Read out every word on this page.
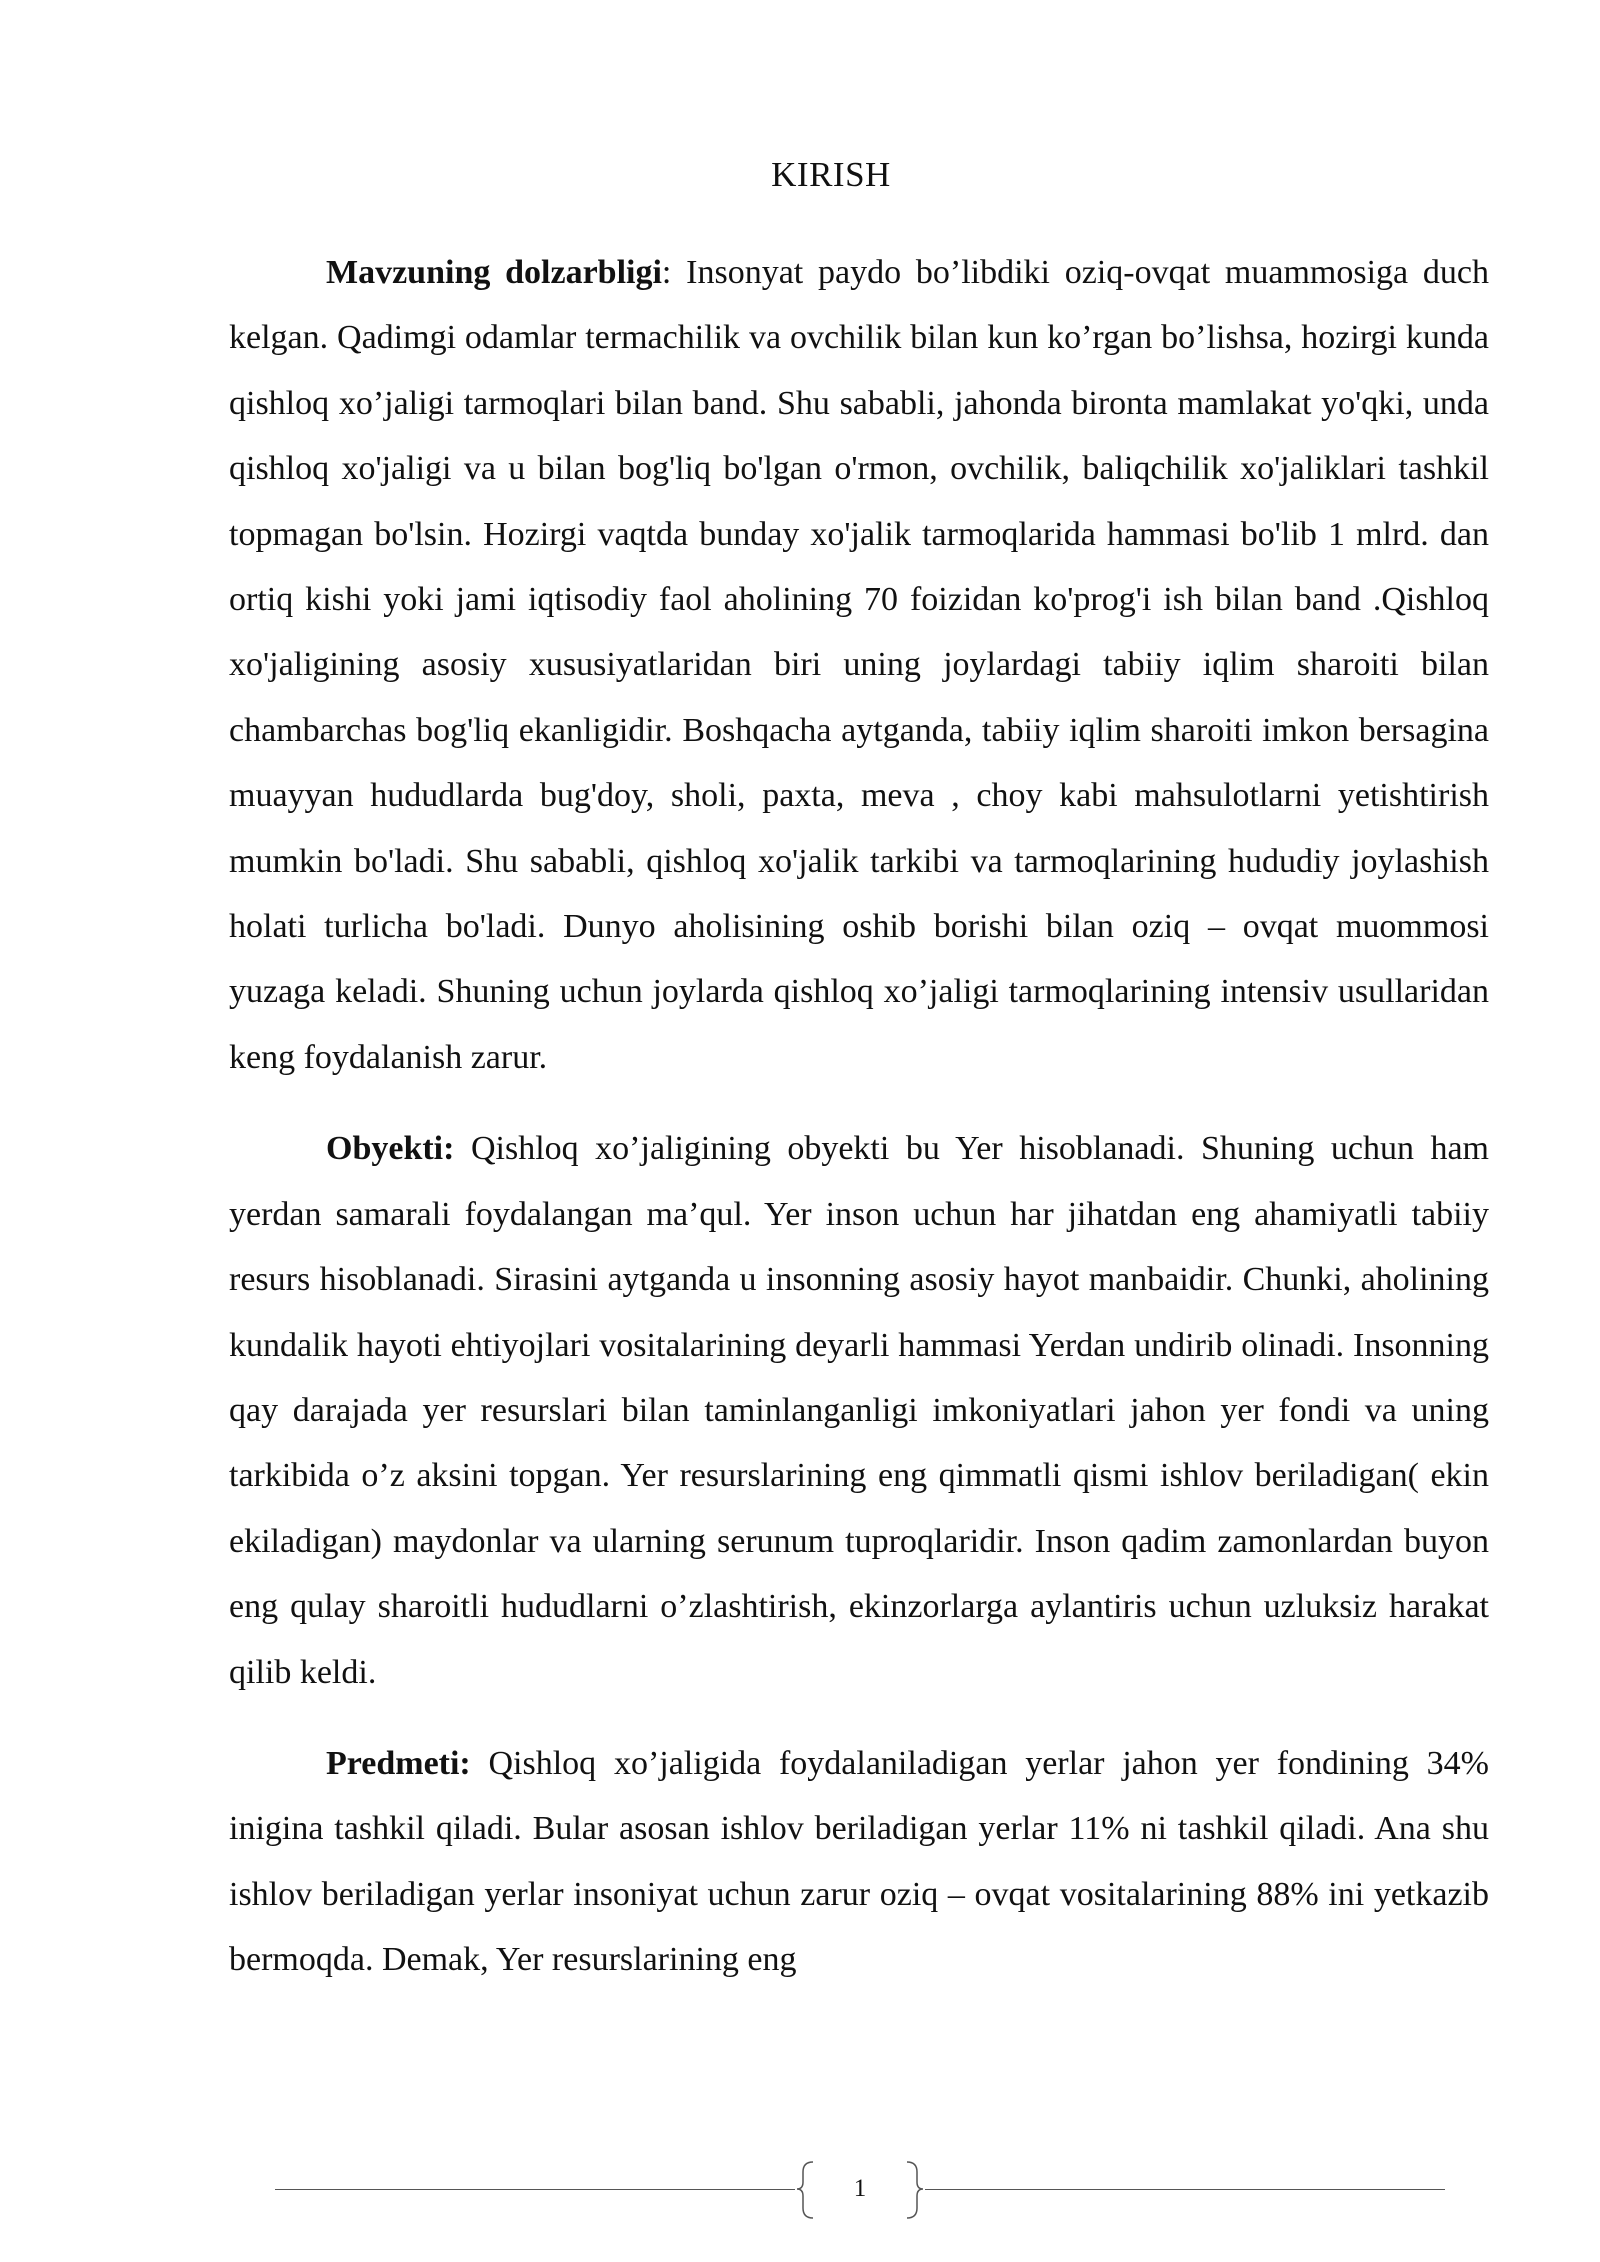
KIRISH

Mavzuning dolzarbligi: Insonyat paydo bo’libdiki oziq-ovqat muammosiga duch kelgan. Qadimgi odamlar termachilik va ovchilik bilan kun ko’rgan bo’lishsa, hozirgi kunda qishloq xo’jaligi tarmoqlari bilan band. Shu sababli, jahonda bironta mamlakat yo'qki, unda qishloq xo'jaligi va u bilan bog'liq bo'lgan o'rmon, ovchilik, baliqchilik xo'jaliklari tashkil topmagan bo'lsin. Hozirgi vaqtda bunday xo'jalik tarmoqlarida hammasi bo'lib 1 mlrd. dan ortiq kishi yoki jami iqtisodiy faol aholining 70 foizidan ko'prog'i ish bilan band .Qishloq xo'jaligining asosiy xususiyatlaridan biri uning joylardagi tabiiy iqlim sharoiti bilan chambarchas bog'liq ekanligidir. Boshqacha aytganda, tabiiy iqlim sharoiti imkon bersagina muayyan hududlarda bug'doy, sholi, paxta, meva , choy kabi mahsulotlarni yetishtirish mumkin bo'ladi. Shu sababli, qishloq xo'jalik tarkibi va tarmoqlarining hududiy joylashish holati turlicha bo'ladi. Dunyo aholisining oshib borishi bilan oziq – ovqat muommosi yuzaga keladi. Shuning uchun joylarda qishloq xo’jaligi tarmoqlarining intensiv usullaridan keng foydalanish zarur.

Obyekti: Qishloq xo’jaligining obyekti bu Yer hisoblanadi. Shuning uchun ham yerdan samarali foydalangan ma’qul. Yer inson uchun har jihatdan eng ahamiyatli tabiiy resurs hisoblanadi. Sirasini aytganda u insonning asosiy hayot manbaidir. Chunki, aholining kundalik hayoti ehtiyojlari vositalarining deyarli hammasi Yerdan undirib olinadi. Insonning qay darajada yer resurslari bilan taminlanganligi imkoniyatlari jahon yer fondi va uning tarkibida o’z aksini topgan. Yer resurslarining eng qimmatli qismi ishlov beriladigan( ekin ekiladigan) maydonlar va ularning serunum tuproqlaridir. Inson qadim zamonlardan buyon eng qulay sharoitli hududlarni o’zlashtirish, ekinzorlarga aylantiris uchun uzluksiz harakat qilib keldi.

Predmeti: Qishloq xo’jaligida foydalaniladigan yerlar jahon yer fondining 34% inigina tashkil qiladi. Bular asosan ishlov beriladigan yerlar 11% ni tashkil qiladi. Ana shu ishlov beriladigan yerlar insoniyat uchun zarur oziq – ovqat vositalarining 88% ini yetkazib bermoqda. Demak, Yer resurslarining eng

1
